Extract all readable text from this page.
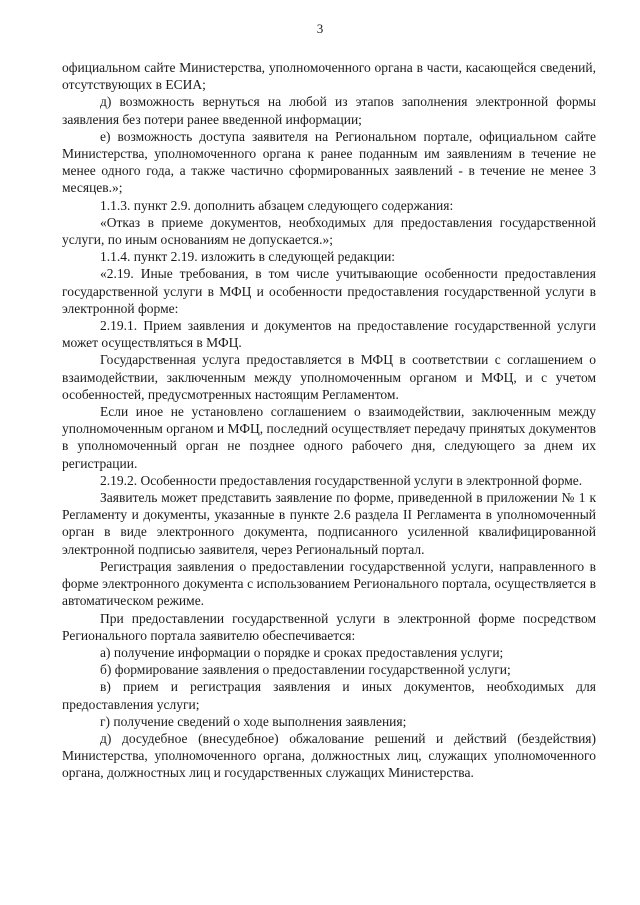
3

официальном сайте Министерства, уполномоченного органа в части, касающейся сведений, отсутствующих в ЕСИА;

д) возможность вернуться на любой из этапов заполнения электронной формы заявления без потери ранее введенной информации;

е) возможность доступа заявителя на Региональном портале, официальном сайте Министерства, уполномоченного органа к ранее поданным им заявлениям в течение не менее одного года, а также частично сформированных заявлений - в течение не менее 3 месяцев.»;

1.1.3. пункт 2.9. дополнить абзацем следующего содержания:

«Отказ в приеме документов, необходимых для предоставления государственной услуги, по иным основаниям не допускается.»;

1.1.4. пункт 2.19. изложить в следующей редакции:

«2.19. Иные требования, в том числе учитывающие особенности предоставления государственной услуги в МФЦ и особенности предоставления государственной услуги в электронной форме:

2.19.1. Прием заявления и документов на предоставление государственной услуги может осуществляться в МФЦ.

Государственная услуга предоставляется в МФЦ в соответствии с соглашением о взаимодействии, заключенным между уполномоченным органом и МФЦ, и с учетом особенностей, предусмотренных настоящим Регламентом.

Если иное не установлено соглашением о взаимодействии, заключенным между уполномоченным органом и МФЦ, последний осуществляет передачу принятых документов в уполномоченный орган не позднее одного рабочего дня, следующего за днем их регистрации.

2.19.2. Особенности предоставления государственной услуги в электронной форме.

Заявитель может представить заявление по форме, приведенной в приложении № 1 к Регламенту и документы, указанные в пункте 2.6 раздела II Регламента в уполномоченный орган в виде электронного документа, подписанного усиленной квалифицированной электронной подписью заявителя, через Региональный портал.

Регистрация заявления о предоставлении государственной услуги, направленного в форме электронного документа с использованием Регионального портала, осуществляется в автоматическом режиме.

При предоставлении государственной услуги в электронной форме посредством Регионального портала заявителю обеспечивается:

а) получение информации о порядке и сроках предоставления услуги;

б) формирование заявления о предоставлении государственной услуги;

в) прием и регистрация заявления и иных документов, необходимых для предоставления услуги;

г) получение сведений о ходе выполнения заявления;

д) досудебное (внесудебное) обжалование решений и действий (бездействия) Министерства, уполномоченного органа, должностных лиц, служащих уполномоченного органа, должностных лиц и государственных служащих Министерства.
